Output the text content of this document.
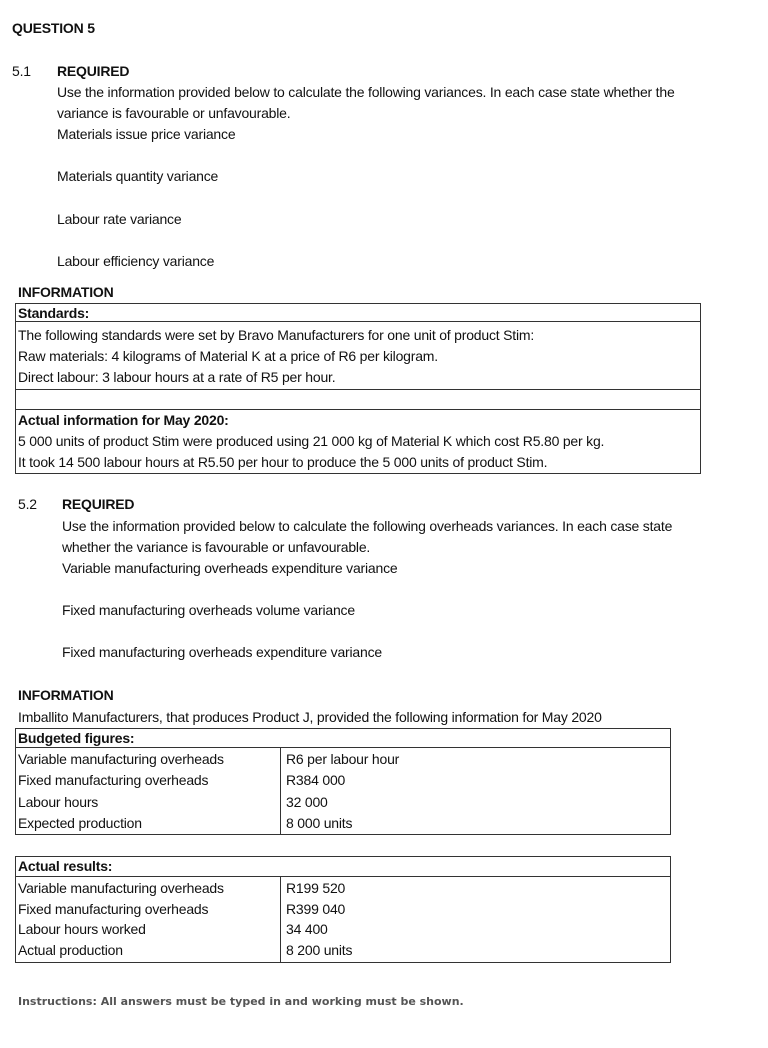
QUESTION 5
5.1 REQUIRED
Use the information provided below to calculate the following variances. In each case state whether the
variance is favourable or unfavourable.
Materials issue price variance
Materials quantity variance
Labour rate variance
Labour efficiency variance
INFORMATION
Standards:
The following standards were set by Bravo Manufacturers for one unit of product Stim:
Raw materials: 4 kilograms of Material K at a price of R6 per kilogram.
Direct labour: 3 labour hours at a rate of R5 per hour.
Actual information for May 2020:
5 000 units of product Stim were produced using 21 000 kg of Material K which cost R5.80 per kg.
It took 14 500 labour hours at R5.50 per hour to produce the 5 000 units of product Stim.
5.2 REQUIRED
Use the information provided below to calculate the following overheads variances. In each case state
whether the variance is favourable or unfavourable.
Variable manufacturing overheads expenditure variance
Fixed manufacturing overheads volume variance
Fixed manufacturing overheads expenditure variance
INFORMATION
Imballito Manufacturers, that produces Product J, provided the following information for May 2020
Budgeted figures:
Variable manufacturing overheads	R6 per labour hour
Fixed manufacturing overheads	R384 000
Labour hours	32 000
Expected production	8 000 units
Actual results:
Variable manufacturing overheads	R199 520
Fixed manufacturing overheads	R399 040
Labour hours worked	34 400
Actual production	8 200 units
Instructions: All answers must be typed in and working must be shown.
